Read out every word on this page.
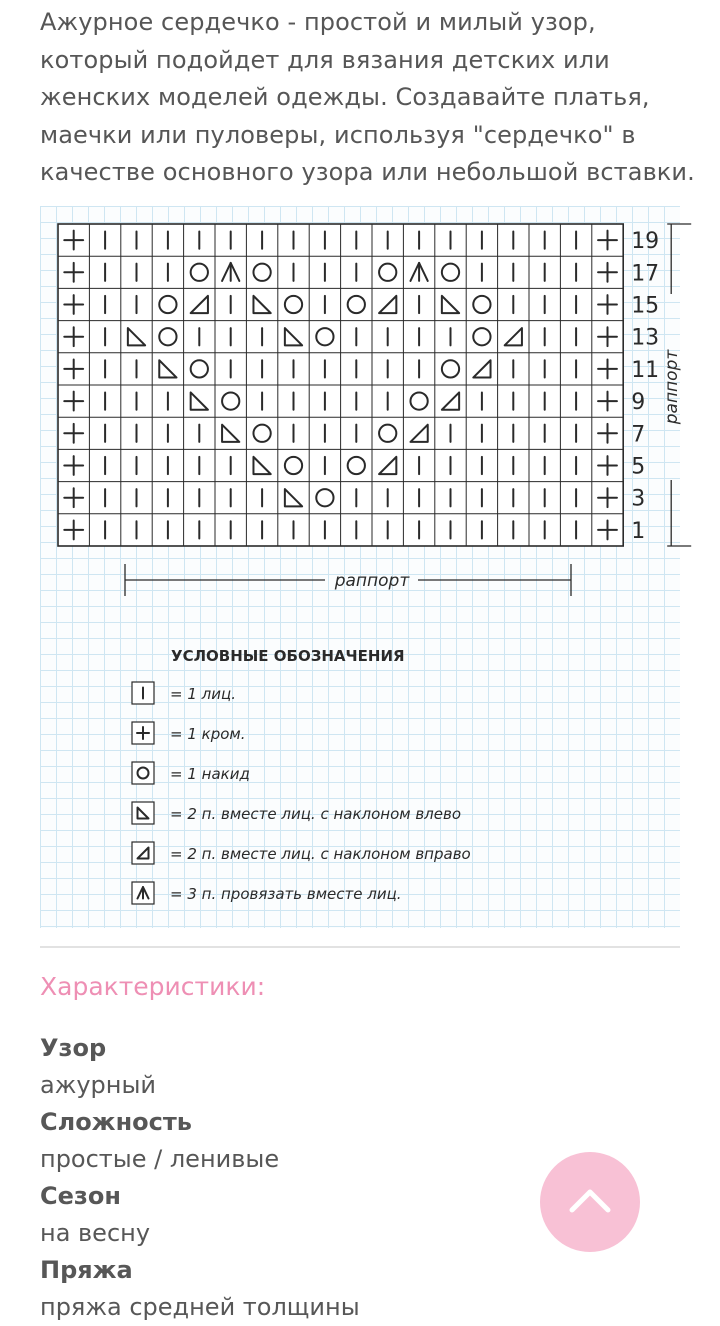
Ажурное сердечко - простой и милый узор,
который подойдет для вязания детских или
женских моделей одежды. Создавайте платья,
маечки или пуловеры, используя "сердечко" в
качестве основного узора или небольшой вставки.

19
17
15
13
11
9
7
5
3
1
раппорт
раппорт
УСЛОВНЫЕ ОБОЗНАЧЕНИЯ
= 1 лиц.
= 1 кром.
= 1 накид
= 2 п. вместе лиц. с наклоном влево
= 2 п. вместе лиц. с наклоном вправо
= 3 п. провязать вместе лиц.
Характеристики:
Узор
ажурный
Сложность
простые / ленивые
Сезон
на весну
Пряжа
пряжа средней толщины
